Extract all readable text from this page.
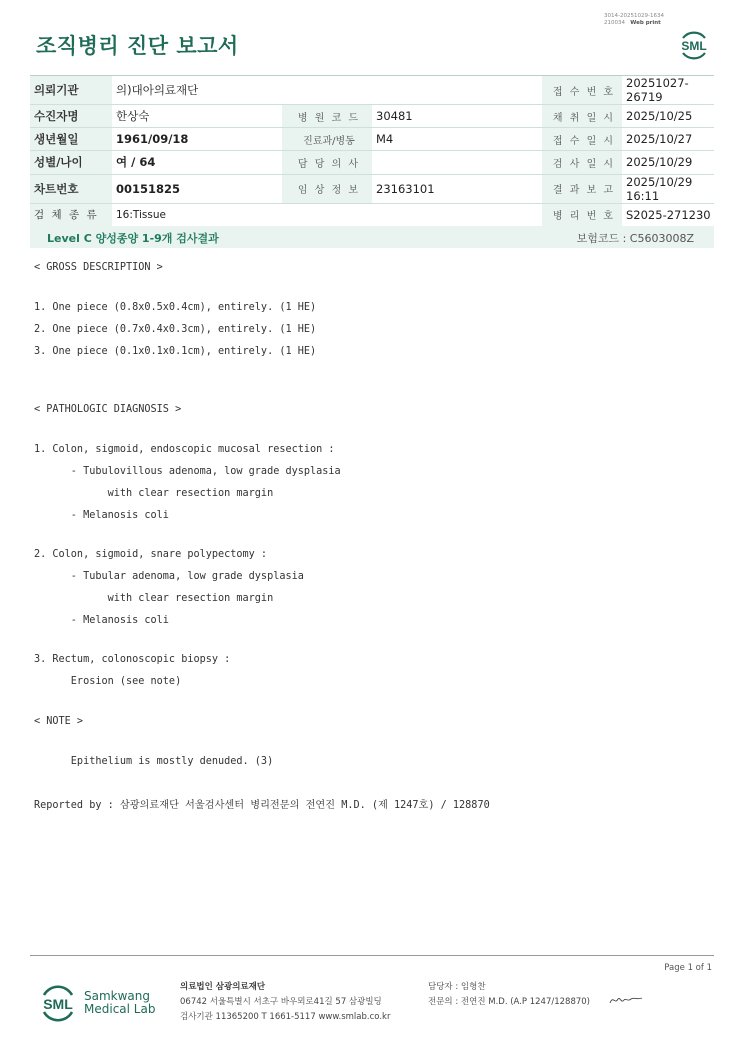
조직병리 진단 보고서
3014-20251029-1634
210034 Web print
SML
의뢰기관	의)대아의료재단			접 수 번 호	20251027-26719
수진자명	한상숙	병 원 코 드	30481	채 취 일 시	2025/10/25
생년월일	1961/09/18	진료과/병동	M4	접 수 일 시	2025/10/27
성별/나이	여 / 64	담 당 의 사		검 사 일 시	2025/10/29
차트번호	00151825	임 상 정 보	23163101	결 과 보 고	2025/10/29 16:11
검 체 종 류	16:Tissue			병 리 번 호	S2025-271230
Level C 양성종양 1-9개 검사결과	보험코드 : C5603008Z
< GROSS DESCRIPTION >
1. One piece (0.8x0.5x0.4cm), entirely. (1 HE)
2. One piece (0.7x0.4x0.3cm), entirely. (1 HE)
3. One piece (0.1x0.1x0.1cm), entirely. (1 HE)
< PATHOLOGIC DIAGNOSIS >
1. Colon, sigmoid, endoscopic mucosal resection :
- Tubulovillous adenoma, low grade dysplasia
with clear resection margin
- Melanosis coli
2. Colon, sigmoid, snare polypectomy :
- Tubular adenoma, low grade dysplasia
with clear resection margin
- Melanosis coli
3. Rectum, colonoscopic biopsy :
Erosion (see note)
< NOTE >
Epithelium is mostly denuded. (3)
Reported by : 삼광의료재단 서울검사센터 병리전문의 전연진 M.D. (제 1247호) / 128870
Page 1 of 1
SML Samkwang
Medical Lab
의료법인 삼광의료재단
06742 서울특별시 서초구 바우뫼로41길 57 삼광빌딩
검사기관 11365200 T 1661-5117 www.smlab.co.kr
담당자 : 임형찬
전문의 : 전연진 M.D. (A.P 1247/128870)
